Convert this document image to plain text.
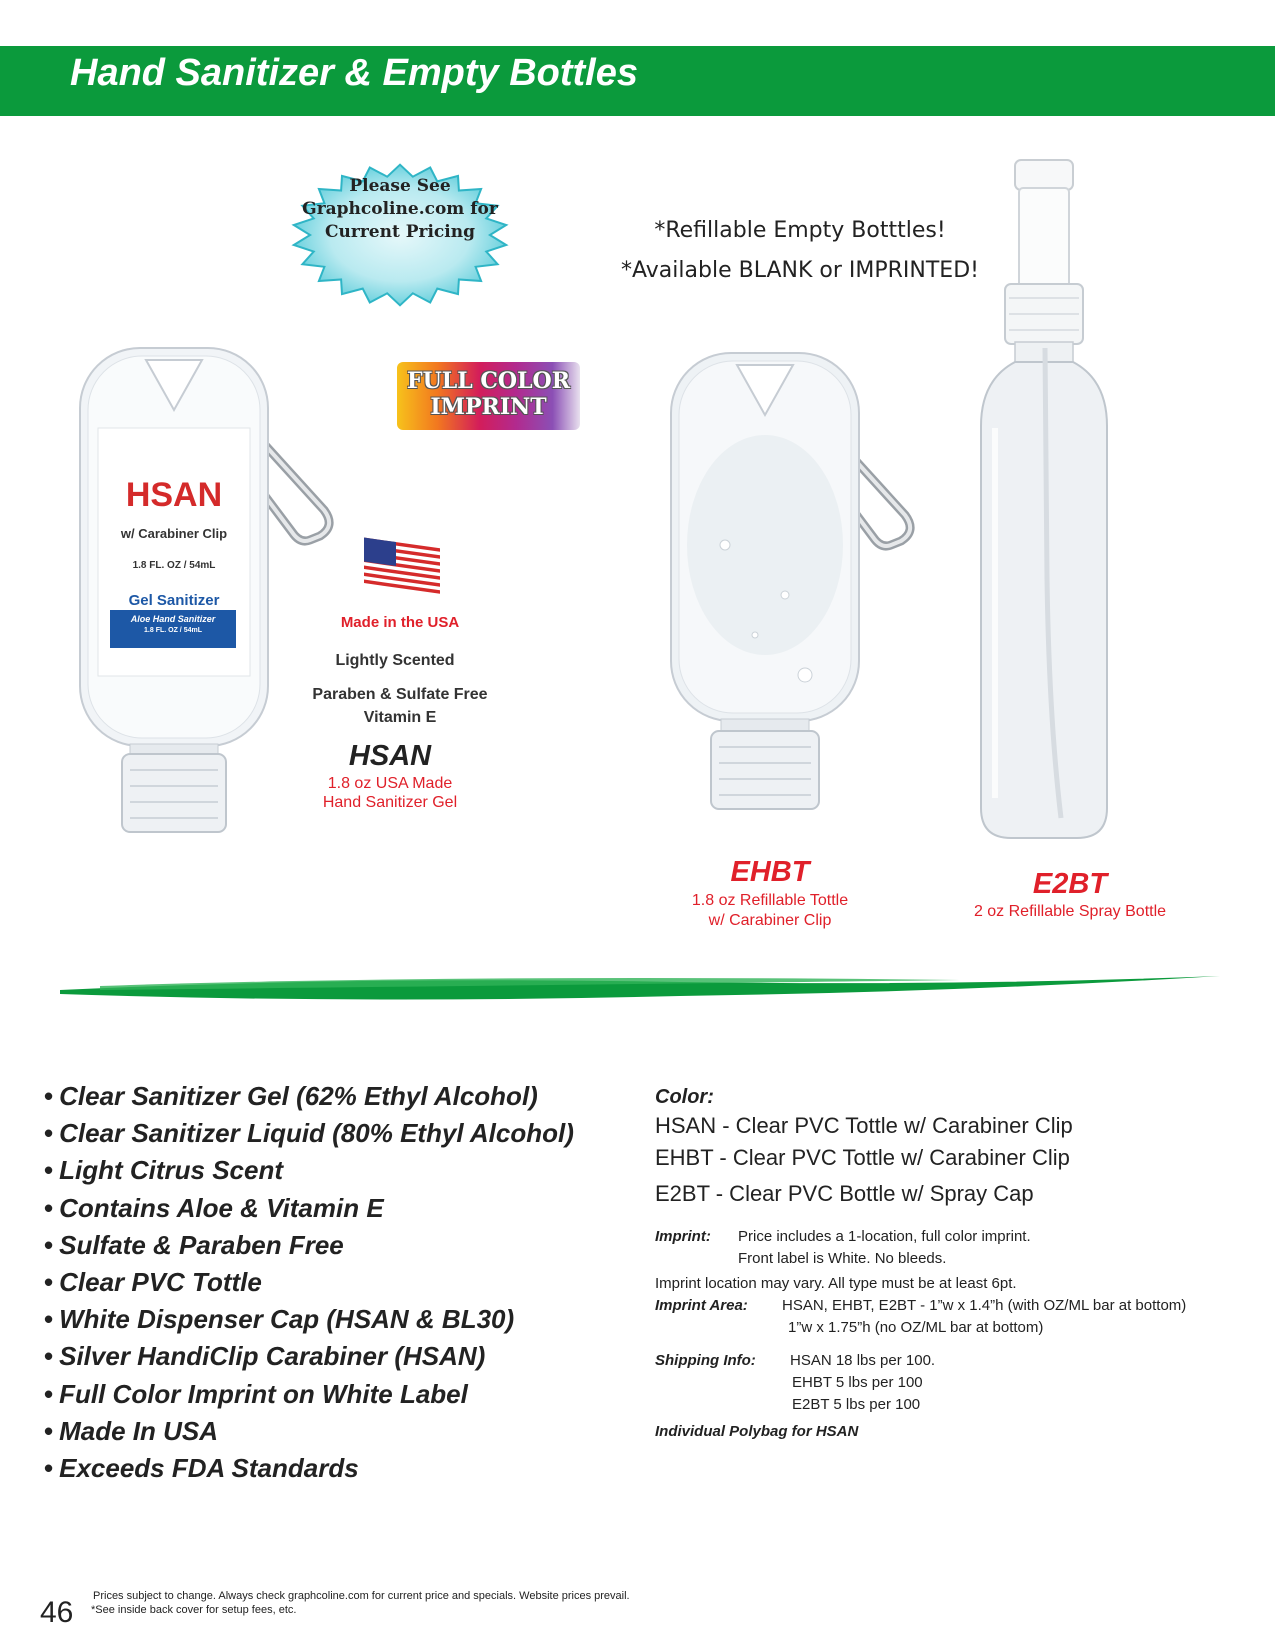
Hand Sanitizer & Empty Bottles
Please See
Graphcoline.com for
Current Pricing
FULL COLOR
IMPRINT
*Refillable Empty Botttles!
*Available BLANK or IMPRINTED!
HSAN
w/ Carabiner Clip
1.8 FL. OZ / 54mL
Gel Sanitizer
Aloe Hand Sanitizer
1.8 FL. OZ / 54mL	Made in the USA
Lightly Scented
Paraben & Sulfate Free
Vitamin E
HSAN
1.8 oz USA Made
Hand Sanitizer Gel
EHBT
1.8 oz Refillable Tottle
w/ Carabiner Clip
E2BT
2 oz Refillable Spray Bottle
• Clear Sanitizer Gel (62% Ethyl Alcohol)
• Clear Sanitizer Liquid (80% Ethyl Alcohol)
• Light Citrus Scent
• Contains Aloe & Vitamin E
• Sulfate & Paraben Free
• Clear PVC Tottle
• White Dispenser Cap (HSAN & BL30)
• Silver HandiClip Carabiner (HSAN)
• Full Color Imprint on White Label
• Made In USA
• Exceeds FDA Standards
Color:
HSAN - Clear PVC Tottle w/ Carabiner Clip
EHBT - Clear PVC Tottle w/ Carabiner Clip
E2BT - Clear PVC Bottle w/ Spray Cap
Imprint: Price includes a 1-location, full color imprint.
Front label is White. No bleeds.
Imprint location may vary. All type must be at least 6pt.
Imprint Area: HSAN, EHBT, E2BT - 1”w x 1.4”h (with OZ/ML bar at bottom)
1”w x 1.75”h (no OZ/ML bar at bottom)
Shipping Info: HSAN 18 lbs per 100.
EHBT 5 lbs per 100
E2BT 5 lbs per 100
Individual Polybag for HSAN
46 Prices subject to change. Always check graphcoline.com for current price and specials. Website prices prevail.
*See inside back cover for setup fees, etc.
